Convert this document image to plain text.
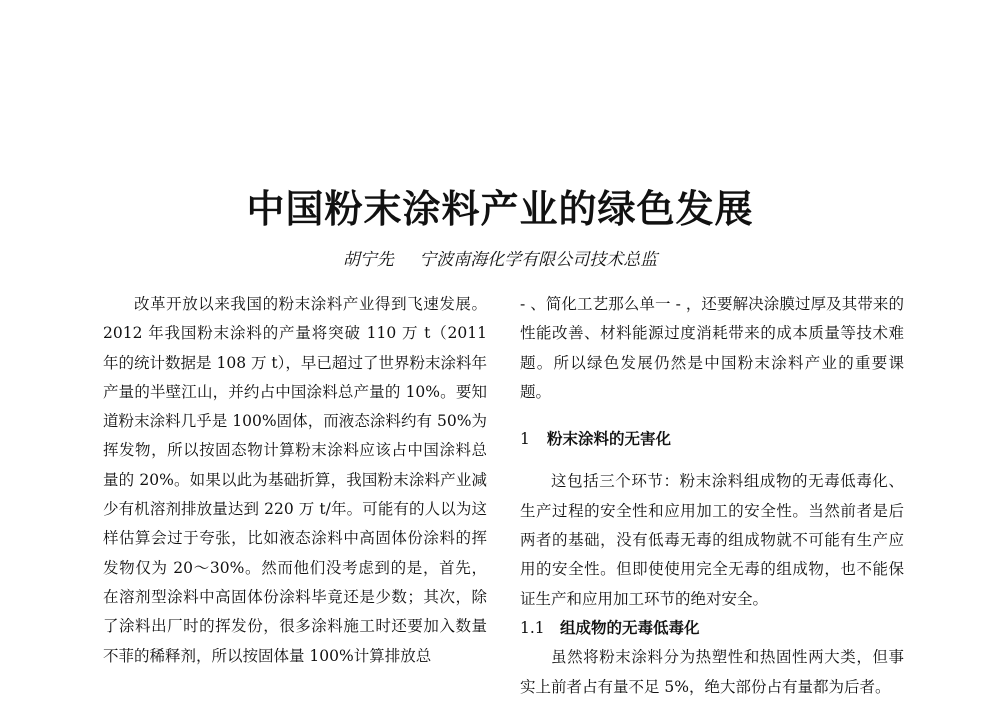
中国粉末涂料产业的绿色发展
胡宁先 宁波南海化学有限公司技术总监

改革开放以来我国的粉末涂料产业得到飞速发展。2012 年我国粉末涂料的产量将突破 110 万 t（2011 年的统计数据是 108 万 t），早已超过了世界粉末涂料年产量的半壁江山，并约占中国涂料总产量的 10%。要知道粉末涂料几乎是 100%固体，而液态涂料约有 50%为挥发物，所以按固态物计算粉末涂料应该占中国涂料总量的 20%。如果以此为基础折算，我国粉末涂料产业减少有机溶剂排放量达到 220 万 t/年。可能有的人以为这样估算会过于夸张，比如液态涂料中高固体份涂料的挥发物仅为 20～30%。然而他们没考虑到的是，首先，在溶剂型涂料中高固体份涂料毕竟还是少数；其次，除了涂料出厂时的挥发份，很多涂料施工时还要加入数量不菲的稀释剂，所以按固体量 100%计算排放总

- 、简化工艺那么单一 - ，还要解决涂膜过厚及其带来的性能改善、材料能源过度消耗带来的成本质量等技术难题。所以绿色发展仍然是中国粉末涂料产业的重要课题。

1 粉末涂料的无害化

这包括三个环节：粉末涂料组成物的无毒低毒化、生产过程的安全性和应用加工的安全性。当然前者是后两者的基础，没有低毒无毒的组成物就不可能有生产应用的安全性。但即使使用完全无毒的组成物，也不能保证生产和应用加工环节的绝对安全。

1.1 组成物的无毒低毒化

虽然将粉末涂料分为热塑性和热固性两大类，但事实上前者占有量不足 5%，绝大部份占有量都为后者。
